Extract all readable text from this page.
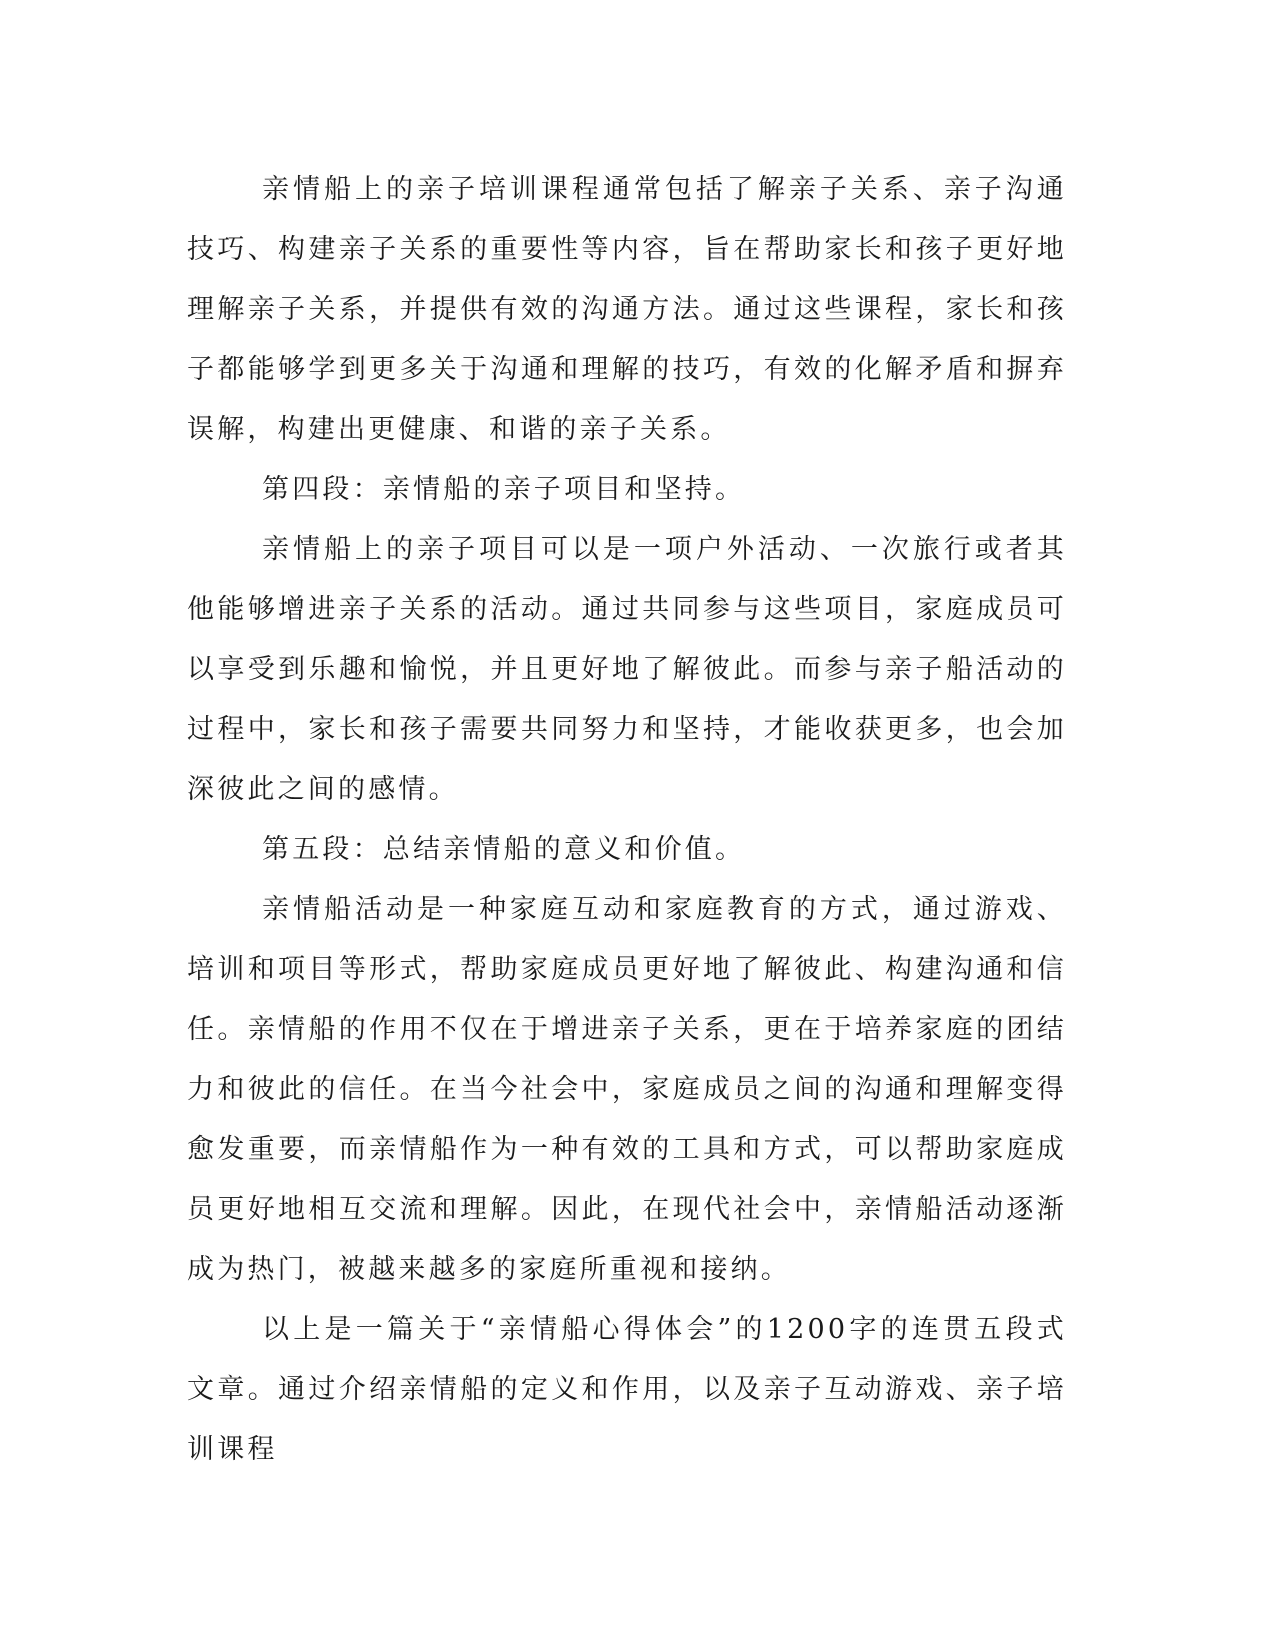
亲情船上的亲子培训课程通常包括了解亲子关系、亲子沟通技巧、构建亲子关系的重要性等内容，旨在帮助家长和孩子更好地理解亲子关系，并提供有效的沟通方法。通过这些课程，家长和孩子都能够学到更多关于沟通和理解的技巧，有效的化解矛盾和摒弃误解，构建出更健康、和谐的亲子关系。

第四段：亲情船的亲子项目和坚持。

亲情船上的亲子项目可以是一项户外活动、一次旅行或者其他能够增进亲子关系的活动。通过共同参与这些项目，家庭成员可以享受到乐趣和愉悦，并且更好地了解彼此。而参与亲子船活动的过程中，家长和孩子需要共同努力和坚持，才能收获更多，也会加深彼此之间的感情。

第五段：总结亲情船的意义和价值。

亲情船活动是一种家庭互动和家庭教育的方式，通过游戏、培训和项目等形式，帮助家庭成员更好地了解彼此、构建沟通和信任。亲情船的作用不仅在于增进亲子关系，更在于培养家庭的团结力和彼此的信任。在当今社会中，家庭成员之间的沟通和理解变得愈发重要，而亲情船作为一种有效的工具和方式，可以帮助家庭成员更好地相互交流和理解。因此，在现代社会中，亲情船活动逐渐成为热门，被越来越多的家庭所重视和接纳。

以上是一篇关于“亲情船心得体会”的1200字的连贯五段式文章。通过介绍亲情船的定义和作用，以及亲子互动游戏、亲子培训课程
